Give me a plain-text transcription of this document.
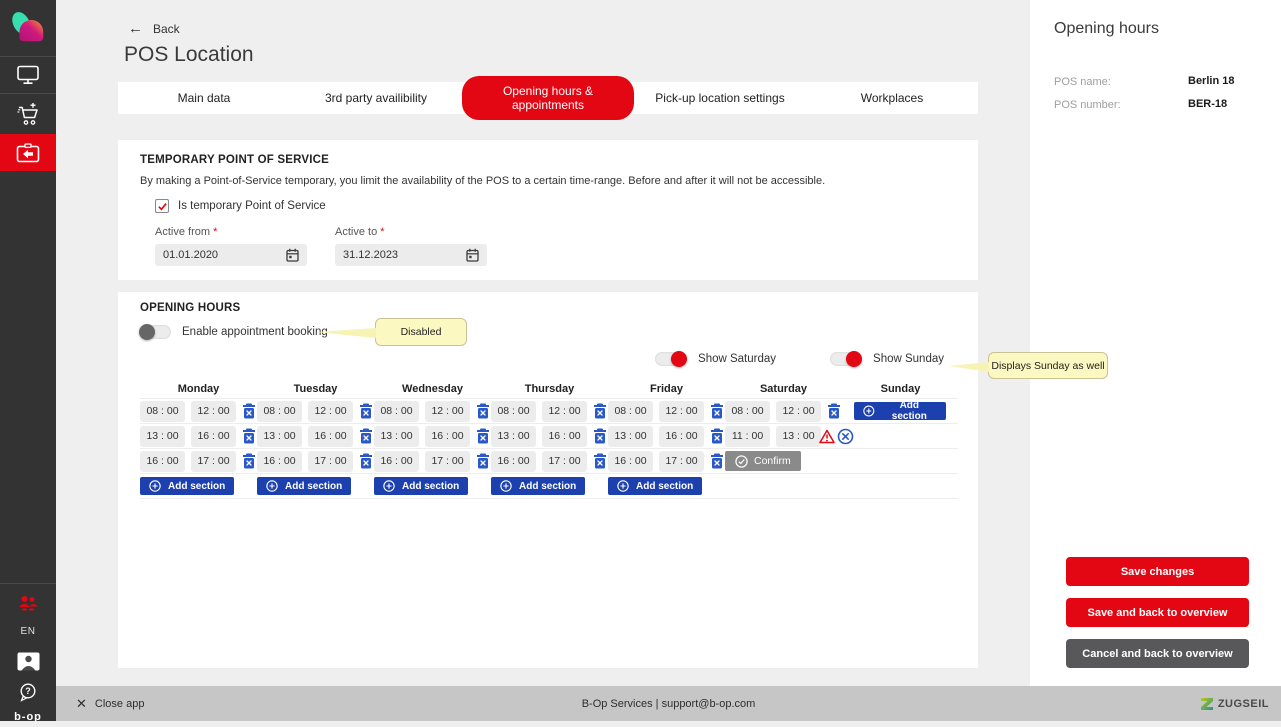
EN
?
b-op
← Back
POS Location
Main data	3rd party availibility	Opening hours & appointments	Pick-up location settings	Workplaces
TEMPORARY POINT OF SERVICE
By making a Point-of-Service temporary, you limit the availability of the POS to a certain time-range. Before and after it will not be accessible.
Is temporary Point of Service
Active from *	Active to *
01.01.2020	31.12.2023
OPENING HOURS
Enable appointment booking
Show Saturday	Show Sunday
Monday	Tuesday	Wednesday	Thursday	Friday	Saturday	Sunday
08 : 00	12 : 00	08 : 00	12 : 00	08 : 00	12 : 00	08 : 00	12 : 00	08 : 00	12 : 00	08 : 00	12 : 00	Add section
13 : 00	16 : 00	13 : 00	16 : 00	13 : 00	16 : 00	13 : 00	16 : 00	13 : 00	16 : 00	11 : 00	13 : 00
16 : 00	17 : 00	16 : 00	17 : 00	16 : 00	17 : 00	16 : 00	17 : 00	16 : 00	17 : 00	Confirm
Add section	Add section	Add section	Add section	Add section
Disabled
Displays Sunday as well
Opening hours
POS name:	Berlin 18
POS number:	BER-18
Save changes
Save and back to overview
Cancel and back to overview
✕ Close app	B-Op Services | support@b-op.com	ZUGSEIL
